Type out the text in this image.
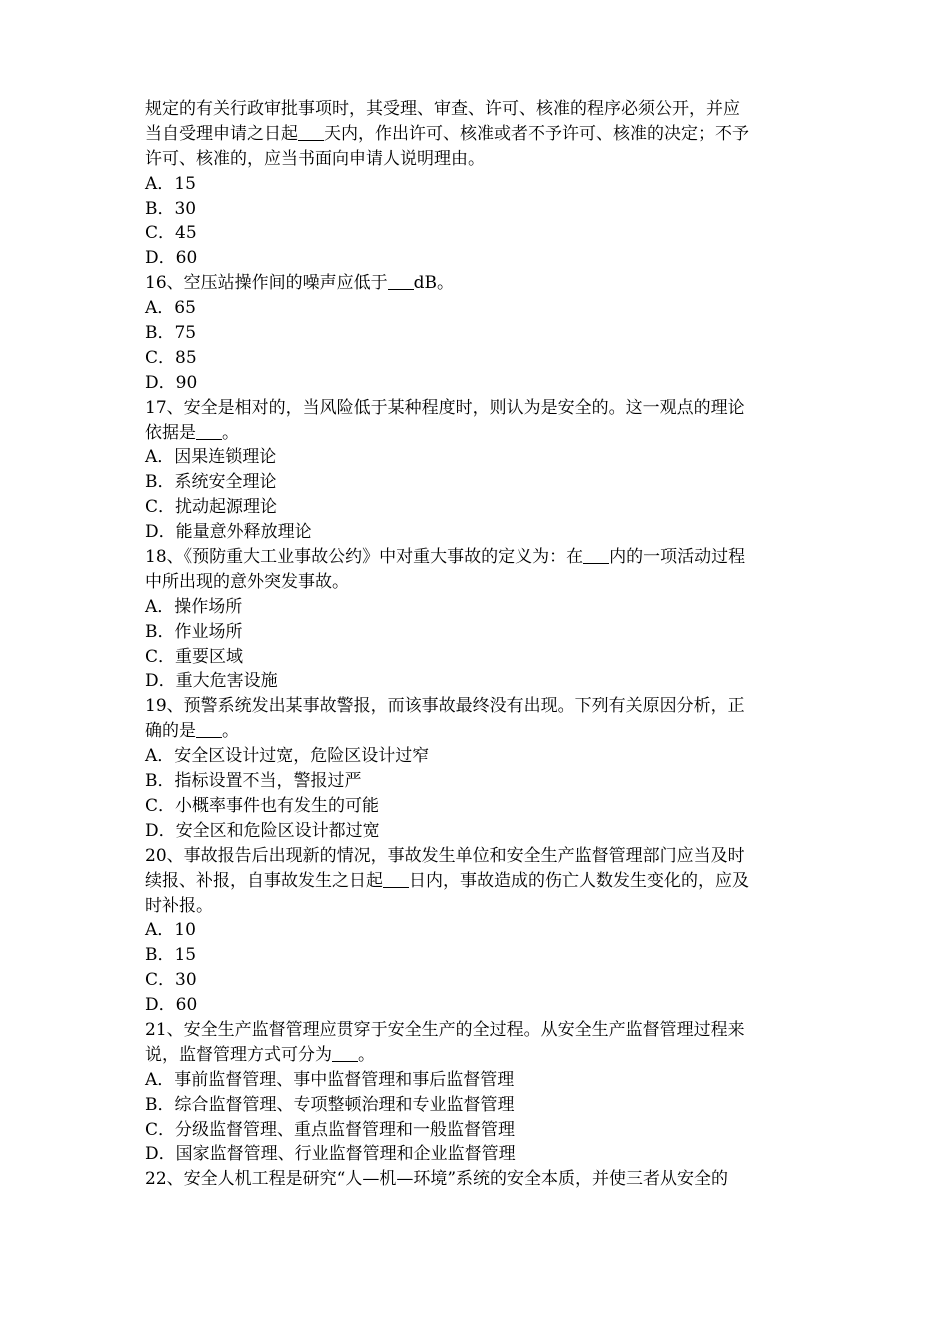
规定的有关行政审批事项时，其受理、审查、许可、核准的程序必须公开，并应
当自受理申请之日起 天内，作出许可、核准或者不予许可、核准的决定；不予
许可、核准的，应当书面向申请人说明理由。
A．15
B．30
C．45
D．60
16、空压站操作间的噪声应低于 dB。
A．65
B．75
C．85
D．90
17、安全是相对的，当风险低于某种程度时，则认为是安全的。这一观点的理论
依据是 。
A．因果连锁理论
B．系统安全理论
C．扰动起源理论
D．能量意外释放理论
18、《预防重大工业事故公约》中对重大事故的定义为：在 内的一项活动过程
中所出现的意外突发事故。
A．操作场所
B．作业场所
C．重要区域
D．重大危害设施
19、预警系统发出某事故警报，而该事故最终没有出现。下列有关原因分析，正
确的是 。
A．安全区设计过宽，危险区设计过窄
B．指标设置不当，警报过严
C．小概率事件也有发生的可能
D．安全区和危险区设计都过宽
20、事故报告后出现新的情况，事故发生单位和安全生产监督管理部门应当及时
续报、补报，自事故发生之日起 日内，事故造成的伤亡人数发生变化的，应及
时补报。
A．10
B．15
C．30
D．60
21、安全生产监督管理应贯穿于安全生产的全过程。从安全生产监督管理过程来
说，监督管理方式可分为 。
A．事前监督管理、事中监督管理和事后监督管理
B．综合监督管理、专项整顿治理和专业监督管理
C．分级监督管理、重点监督管理和一般监督管理
D．国家监督管理、行业监督管理和企业监督管理
22、安全人机工程是研究“人—机—环境”系统的安全本质，并使三者从安全的
